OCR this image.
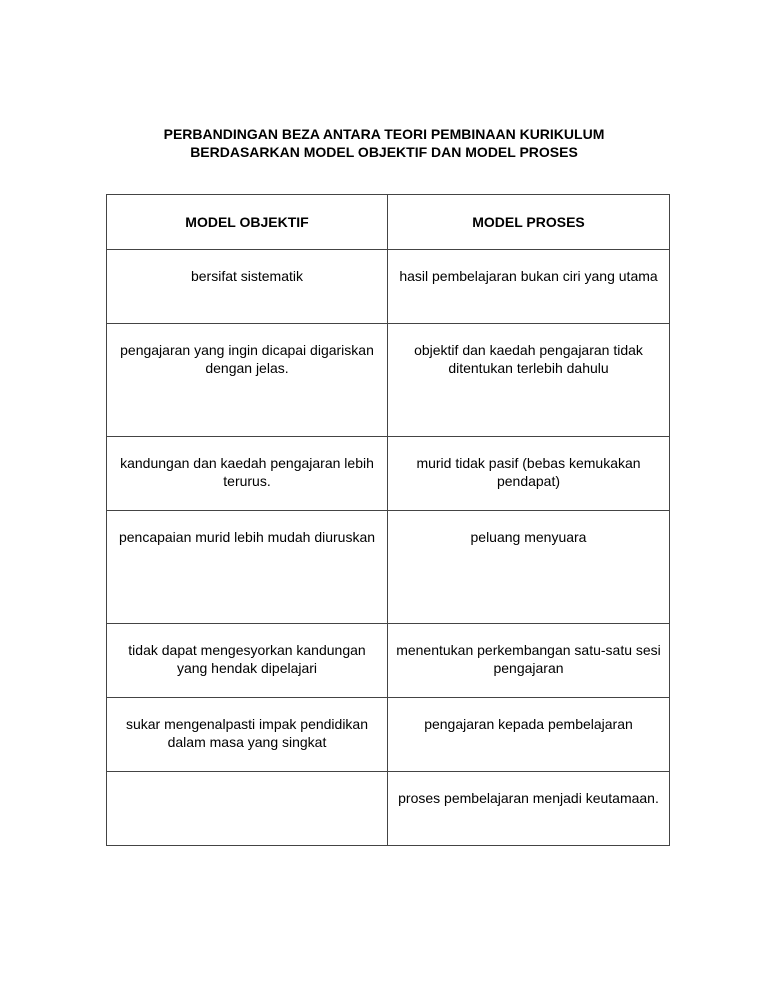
PERBANDINGAN BEZA ANTARA TEORI PEMBINAAN KURIKULUM
BERDASARKAN MODEL OBJEKTIF DAN MODEL PROSES
MODEL OBJEKTIF	MODEL PROSES
bersifat sistematik	hasil pembelajaran bukan ciri yang utama
pengajaran yang ingin dicapai digariskan dengan jelas.	objektif dan kaedah pengajaran tidak ditentukan terlebih dahulu
kandungan dan kaedah pengajaran lebih terurus.	murid tidak pasif (bebas kemukakan pendapat)
pencapaian murid lebih mudah diuruskan	peluang menyuara
tidak dapat mengesyorkan kandungan yang hendak dipelajari	menentukan perkembangan satu-satu sesi pengajaran
sukar mengenalpasti impak pendidikan dalam masa yang singkat	pengajaran kepada pembelajaran
	proses pembelajaran menjadi keutamaan.
